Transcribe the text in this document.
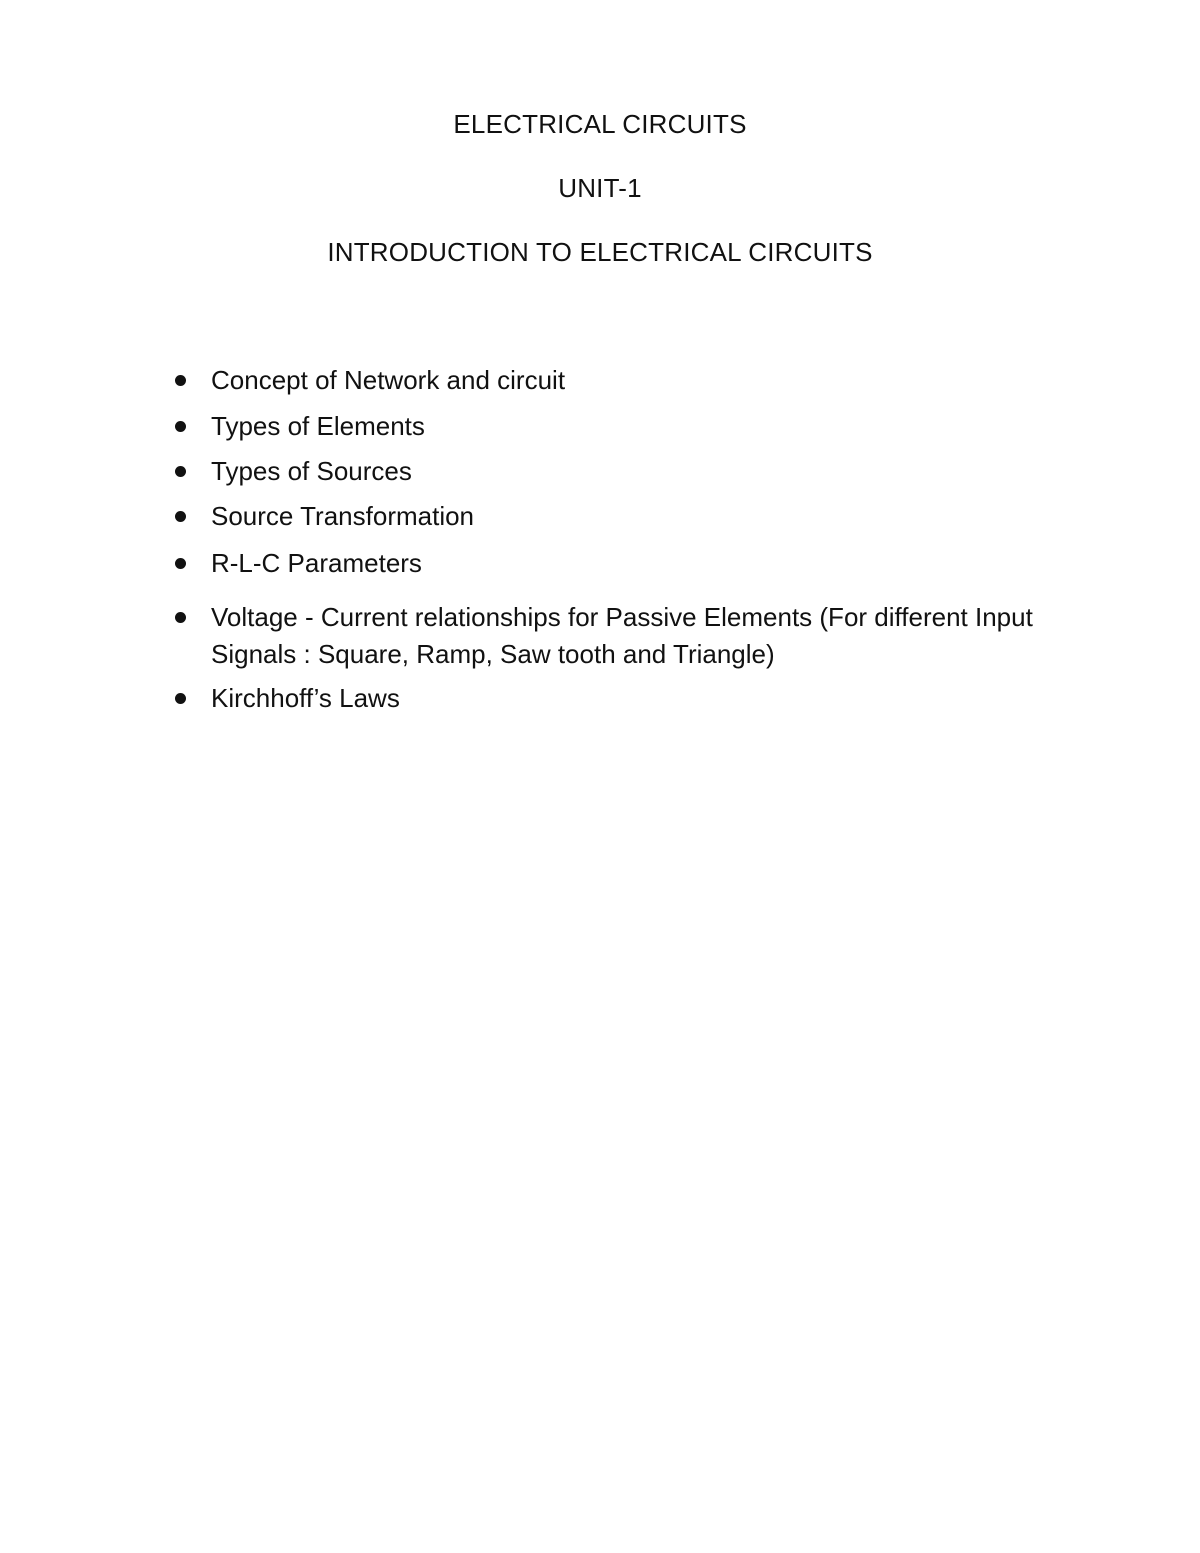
ELECTRICAL CIRCUITS
UNIT-1
INTRODUCTION TO ELECTRICAL CIRCUITS
Concept of Network and circuit
Types of Elements
Types of Sources
Source Transformation
R-L-C Parameters
Voltage - Current relationships for Passive Elements (For different Input Signals : Square, Ramp, Saw tooth and Triangle)
Kirchhoff’s Laws
